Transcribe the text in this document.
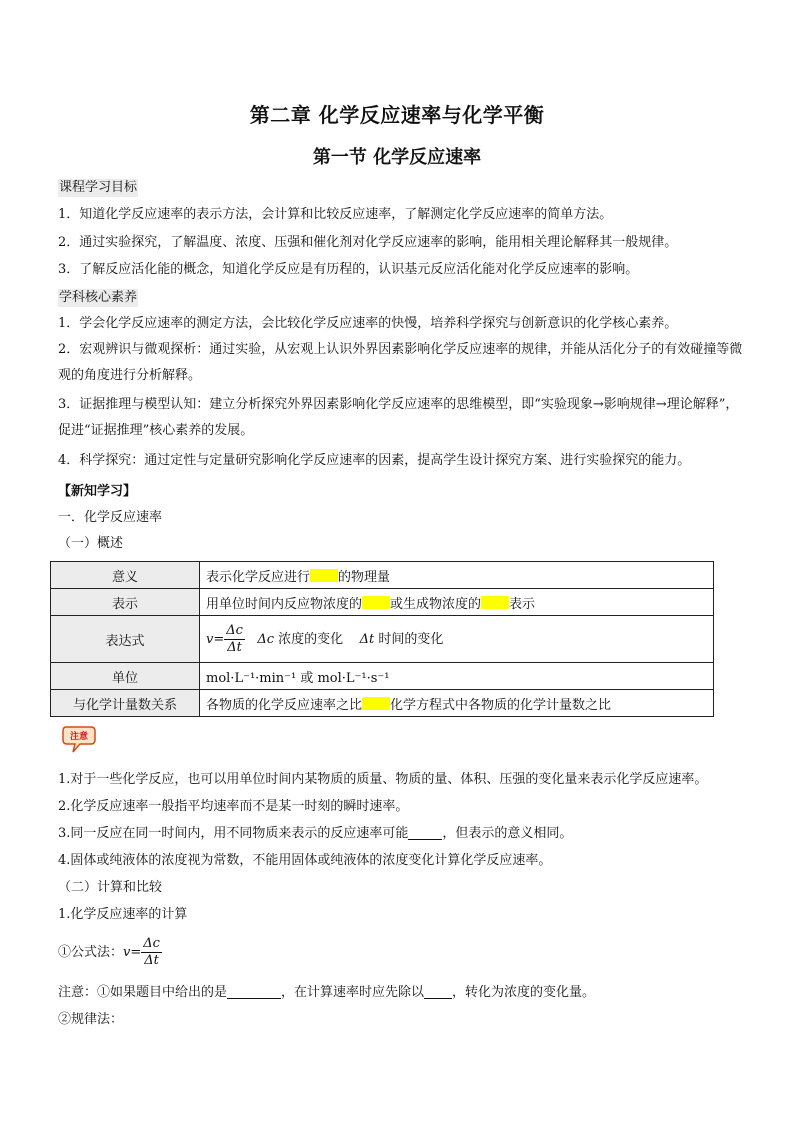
第二章 化学反应速率与化学平衡
第一节 化学反应速率
课程学习目标
1．知道化学反应速率的表示方法，会计算和比较反应速率，了解测定化学反应速率的简单方法。
2．通过实验探究，了解温度、浓度、压强和催化剂对化学反应速率的影响，能用相关理论解释其一般规律。
3．了解反应活化能的概念，知道化学反应是有历程的，认识基元反应活化能对化学反应速率的影响。
学科核心素养
1．学会化学反应速率的测定方法，会比较化学反应速率的快慢，培养科学探究与创新意识的化学核心素养。
2．宏观辨识与微观探析：通过实验，从宏观上认识外界因素影响化学反应速率的规律，并能从活化分子的有效碰撞等微观的角度进行分析解释。
3．证据推理与模型认知：建立分析探究外界因素影响化学反应速率的思维模型，即“实验现象→影响规律→理论解释”，促进“证据推理”核心素养的发展。
4．科学探究：通过定性与定量研究影响化学反应速率的因素，提高学生设计探究方案、进行实验探究的能力。
【新知学习】
一．化学反应速率
（一）概述
意义	表示化学反应进行 的物理量
表示	用单位时间内反应物浓度的 或生成物浓度的 表示
表达式	$v= \frac{\Delta c}{\Delta t}$ Δc 浓度的变化 Δt 时间的变化
单位	mol·L⁻¹·min⁻¹ 或 mol·L⁻¹·s⁻¹
与化学计量数关系	各物质的化学反应速率之比 化学方程式中各物质的化学计量数之比
注意
1.对于一些化学反应，也可以用单位时间内某物质的质量、物质的量、体积、压强的变化量来表示化学反应速率。
2.化学反应速率一般指平均速率而不是某一时刻的瞬时速率。
3.同一反应在同一时间内，用不同物质来表示的反应速率可能	，但表示的意义相同。
4.固体或纯液体的浓度视为常数，不能用固体或纯液体的浓度变化计算化学反应速率。
（二）计算和比较
1.化学反应速率的计算
①公式法：$v= \frac{\Delta c}{\Delta t}$
注意：①如果题目中给出的是	，在计算速率时应先除以 ，转化为浓度的变化量。
②规律法：
